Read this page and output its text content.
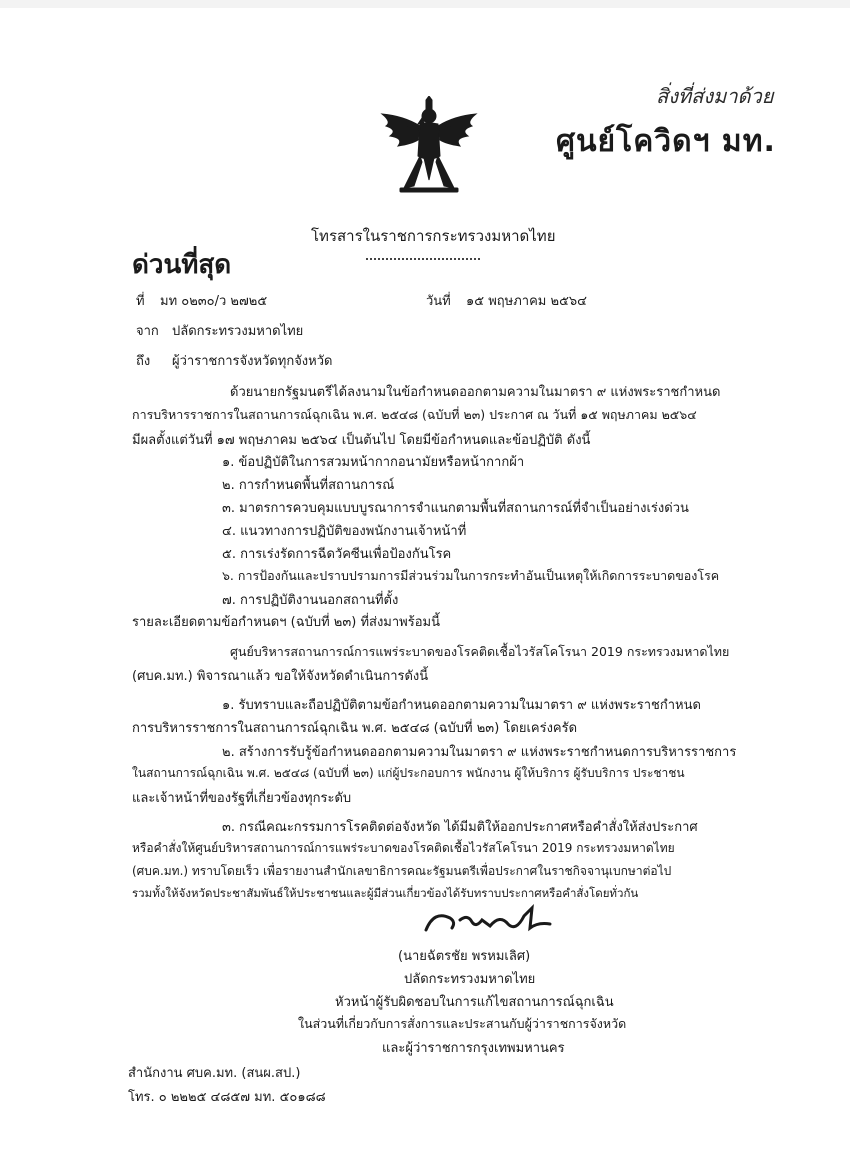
สิ่งที่ส่งมาด้วย
ศูนย์โควิดฯ มท.
โทรสารในราชการกระทรวงมหาดไทย
ด่วนที่สุด
ที่ มท ๐๒๓๐/ว ๒๗๒๕	วันที่ ๑๕ พฤษภาคม ๒๕๖๔
จาก ปลัดกระทรวงมหาดไทย
ถึง ผู้ว่าราชการจังหวัดทุกจังหวัด
ด้วยนายกรัฐมนตรีได้ลงนามในข้อกำหนดออกตามความในมาตรา ๙ แห่งพระราชกำหนด
การบริหารราชการในสถานการณ์ฉุกเฉิน พ.ศ. ๒๕๔๘ (ฉบับที่ ๒๓) ประกาศ ณ วันที่ ๑๕ พฤษภาคม ๒๕๖๔
มีผลตั้งแต่วันที่ ๑๗ พฤษภาคม ๒๕๖๔ เป็นต้นไป โดยมีข้อกำหนดและข้อปฏิบัติ ดังนี้
๑. ข้อปฏิบัติในการสวมหน้ากากอนามัยหรือหน้ากากผ้า
๒. การกำหนดพื้นที่สถานการณ์
๓. มาตรการควบคุมแบบบูรณาการจำแนกตามพื้นที่สถานการณ์ที่จำเป็นอย่างเร่งด่วน
๔. แนวทางการปฏิบัติของพนักงานเจ้าหน้าที่
๕. การเร่งรัดการฉีดวัคซีนเพื่อป้องกันโรค
๖. การป้องกันและปราบปรามการมีส่วนร่วมในการกระทำอันเป็นเหตุให้เกิดการระบาดของโรค
๗. การปฏิบัติงานนอกสถานที่ตั้ง
รายละเอียดตามข้อกำหนดฯ (ฉบับที่ ๒๓) ที่ส่งมาพร้อมนี้
ศูนย์บริหารสถานการณ์การแพร่ระบาดของโรคติดเชื้อไวรัสโคโรนา 2019 กระทรวงมหาดไทย
(ศบค.มท.) พิจารณาแล้ว ขอให้จังหวัดดำเนินการดังนี้
๑. รับทราบและถือปฏิบัติตามข้อกำหนดออกตามความในมาตรา ๙ แห่งพระราชกำหนด
การบริหารราชการในสถานการณ์ฉุกเฉิน พ.ศ. ๒๕๔๘ (ฉบับที่ ๒๓) โดยเคร่งครัด
๒. สร้างการรับรู้ข้อกำหนดออกตามความในมาตรา ๙ แห่งพระราชกำหนดการบริหารราชการ
ในสถานการณ์ฉุกเฉิน พ.ศ. ๒๕๔๘ (ฉบับที่ ๒๓) แก่ผู้ประกอบการ พนักงาน ผู้ให้บริการ ผู้รับบริการ ประชาชน
และเจ้าหน้าที่ของรัฐที่เกี่ยวข้องทุกระดับ
๓. กรณีคณะกรรมการโรคติดต่อจังหวัด ได้มีมติให้ออกประกาศหรือคำสั่งให้ส่งประกาศ
หรือคำสั่งให้ศูนย์บริหารสถานการณ์การแพร่ระบาดของโรคติดเชื้อไวรัสโคโรนา 2019 กระทรวงมหาดไทย
(ศบค.มท.) ทราบโดยเร็ว เพื่อรายงานสำนักเลขาธิการคณะรัฐมนตรีเพื่อประกาศในราชกิจจานุเบกษาต่อไป
รวมทั้งให้จังหวัดประชาสัมพันธ์ให้ประชาชนและผู้มีส่วนเกี่ยวข้องได้รับทราบประกาศหรือคำสั่งโดยทั่วกัน
(นายฉัตรชัย พรหมเลิศ)
ปลัดกระทรวงมหาดไทย
หัวหน้าผู้รับผิดชอบในการแก้ไขสถานการณ์ฉุกเฉิน
ในส่วนที่เกี่ยวกับการสั่งการและประสานกับผู้ว่าราชการจังหวัด
และผู้ว่าราชการกรุงเทพมหานคร
สำนักงาน ศบค.มท. (สนผ.สป.)
โทร. ๐ ๒๒๒๕ ๔๘๕๗ มท. ๕๐๑๘๘
